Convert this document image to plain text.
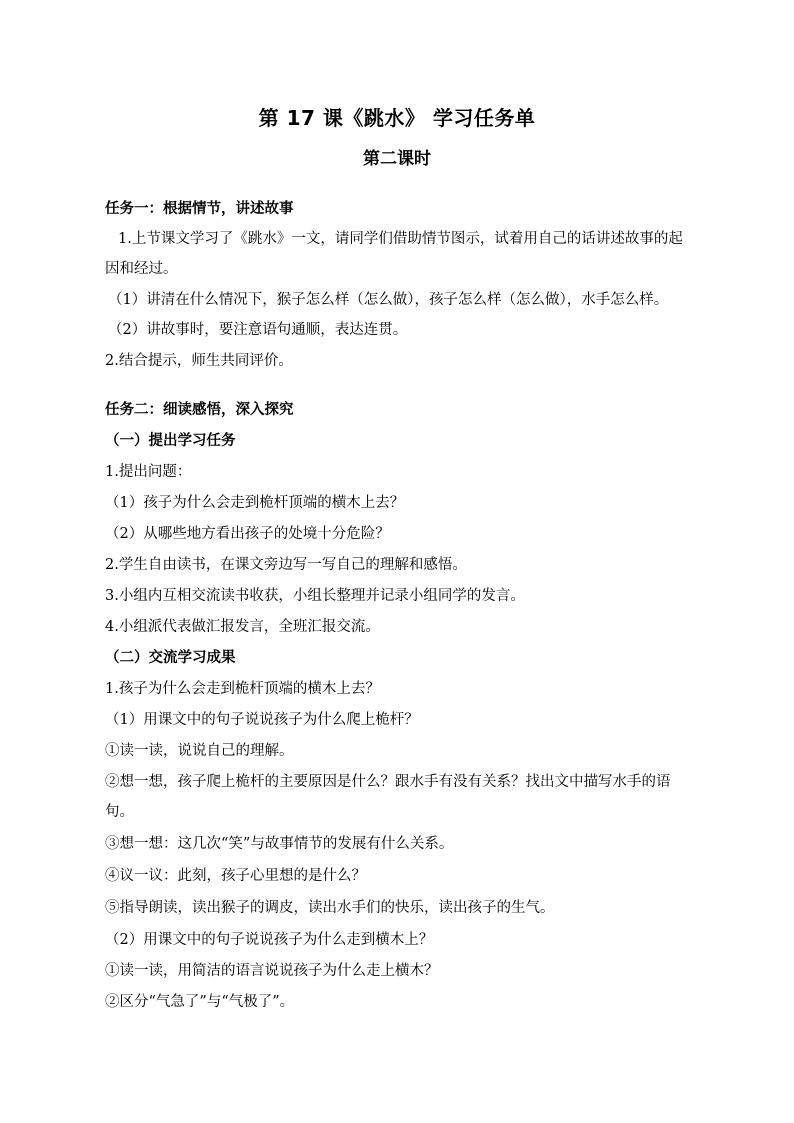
第 17 课《跳水》 学习任务单
第二课时
任务一：根据情节，讲述故事
1.上节课文学习了《跳水》一文，请同学们借助情节图示，试着用自己的话讲述故事的起
因和经过。
（1）讲清在什么情况下，猴子怎么样（怎么做），孩子怎么样（怎么做），水手怎么样。
（2）讲故事时，要注意语句通顺，表达连贯。
2.结合提示，师生共同评价。
任务二：细读感悟，深入探究
（一）提出学习任务
1.提出问题：
（1）孩子为什么会走到桅杆顶端的横木上去？
（2）从哪些地方看出孩子的处境十分危险？
2.学生自由读书，在课文旁边写一写自己的理解和感悟。
3.小组内互相交流读书收获，小组长整理并记录小组同学的发言。
4.小组派代表做汇报发言，全班汇报交流。
（二）交流学习成果
1.孩子为什么会走到桅杆顶端的横木上去？
（1）用课文中的句子说说孩子为什么爬上桅杆？
①读一读，说说自己的理解。
②想一想，孩子爬上桅杆的主要原因是什么？跟水手有没有关系？找出文中描写水手的语
句。
③想一想：这几次“笑”与故事情节的发展有什么关系。
④议一议：此刻，孩子心里想的是什么？
⑤指导朗读，读出猴子的调皮，读出水手们的快乐，读出孩子的生气。
（2）用课文中的句子说说孩子为什么走到横木上？
①读一读，用简洁的语言说说孩子为什么走上横木？
②区分“气急了”与“气极了”。
